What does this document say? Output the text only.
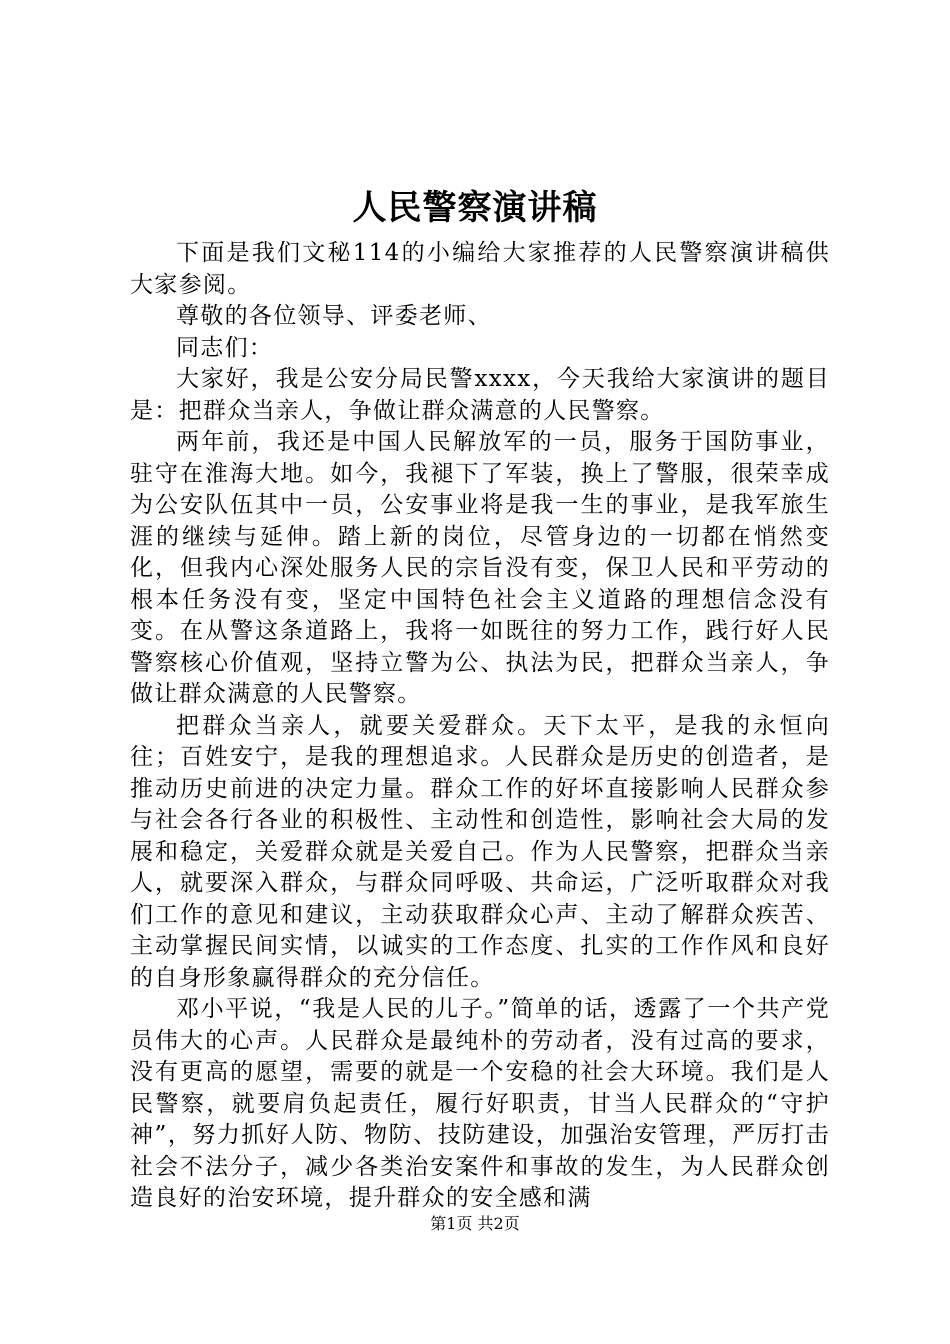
人民警察演讲稿

下面是我们文秘114的小编给大家推荐的人民警察演讲稿供大家参阅。

尊敬的各位领导、评委老师、

同志们：

大家好，我是公安分局民警xxxx，今天我给大家演讲的题目是：把群众当亲人，争做让群众满意的人民警察。

两年前，我还是中国人民解放军的一员，服务于国防事业，驻守在淮海大地。如今，我褪下了军装，换上了警服，很荣幸成为公安队伍其中一员，公安事业将是我一生的事业，是我军旅生涯的继续与延伸。踏上新的岗位，尽管身边的一切都在悄然变化，但我内心深处服务人民的宗旨没有变，保卫人民和平劳动的根本任务没有变，坚定中国特色社会主义道路的理想信念没有变。在从警这条道路上，我将一如既往的努力工作，践行好人民警察核心价值观，坚持立警为公、执法为民，把群众当亲人，争做让群众满意的人民警察。

把群众当亲人，就要关爱群众。天下太平，是我的永恒向往；百姓安宁，是我的理想追求。人民群众是历史的创造者，是推动历史前进的决定力量。群众工作的好坏直接影响人民群众参与社会各行各业的积极性、主动性和创造性，影响社会大局的发展和稳定，关爱群众就是关爱自己。作为人民警察，把群众当亲人，就要深入群众，与群众同呼吸、共命运，广泛听取群众对我们工作的意见和建议，主动获取群众心声、主动了解群众疾苦、主动掌握民间实情，以诚实的工作态度、扎实的工作作风和良好的自身形象赢得群众的充分信任。

邓小平说，“我是人民的儿子。”简单的话，透露了一个共产党员伟大的心声。人民群众是最纯朴的劳动者，没有过高的要求，没有更高的愿望，需要的就是一个安稳的社会大环境。我们是人民警察，就要肩负起责任，履行好职责，甘当人民群众的“守护神”，努力抓好人防、物防、技防建设，加强治安管理，严厉打击社会不法分子，减少各类治安案件和事故的发生，为人民群众创造良好的治安环境，提升群众的安全感和满

第1页 共2页
